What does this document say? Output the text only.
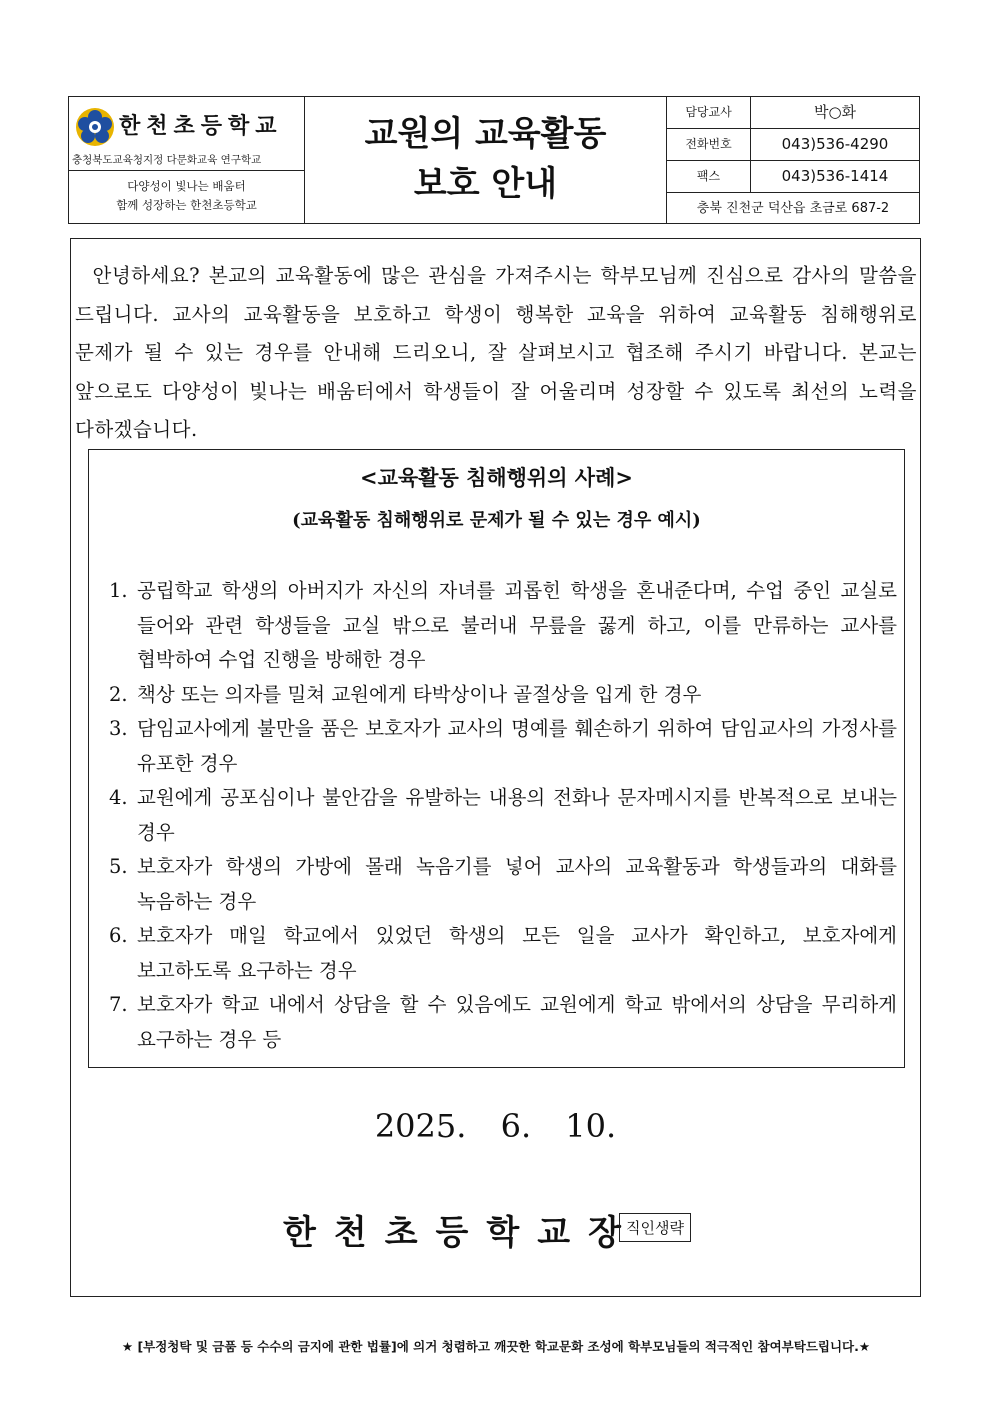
한천초등학교
충청북도교육청지정 다문화교육 연구학교
다양성이 빛나는 배움터
함께 성장하는 한천초등학교
교원의 교육활동
보호 안내
담당교사	박○화
전화번호	043)536-4290
팩스	043)536-1414
충북 진천군 덕산읍 초금로 687-2
안녕하세요? 본교의 교육활동에 많은 관심을 가져주시는 학부모님께 진심으로 감사의 말씀을 드립니다. 교사의 교육활동을 보호하고 학생이 행복한 교육을 위하여 교육활동 침해행위로 문제가 될 수 있는 경우를 안내해 드리오니, 잘 살펴보시고 협조해 주시기 바랍니다. 본교는 앞으로도 다양성이 빛나는 배움터에서 학생들이 잘 어울리며 성장할 수 있도록 최선의 노력을 다하겠습니다.
<교육활동 침해행위의 사례>
(교육활동 침해행위로 문제가 될 수 있는 경우 예시)
1. 공립학교 학생의 아버지가 자신의 자녀를 괴롭힌 학생을 혼내준다며, 수업 중인 교실로 들어와 관련 학생들을 교실 밖으로 불러내 무릎을 꿇게 하고, 이를 만류하는 교사를 협박하여 수업 진행을 방해한 경우
2. 책상 또는 의자를 밀쳐 교원에게 타박상이나 골절상을 입게 한 경우
3. 담임교사에게 불만을 품은 보호자가 교사의 명예를 훼손하기 위하여 담임교사의 가정사를 유포한 경우
4. 교원에게 공포심이나 불안감을 유발하는 내용의 전화나 문자메시지를 반복적으로 보내는 경우
5. 보호자가 학생의 가방에 몰래 녹음기를 넣어 교사의 교육활동과 학생들과의 대화를 녹음하는 경우
6. 보호자가 매일 학교에서 있었던 학생의 모든 일을 교사가 확인하고, 보호자에게 보고하도록 요구하는 경우
7. 보호자가 학교 내에서 상담을 할 수 있음에도 교원에게 학교 밖에서의 상담을 무리하게 요구하는 경우 등
2025. 6. 10.
한천초등학교장
직인생략
★ [부정청탁 및 금품 등 수수의 금지에 관한 법률]에 의거 청렴하고 깨끗한 학교문화 조성에 학부모님들의 적극적인 참여부탁드립니다.★
